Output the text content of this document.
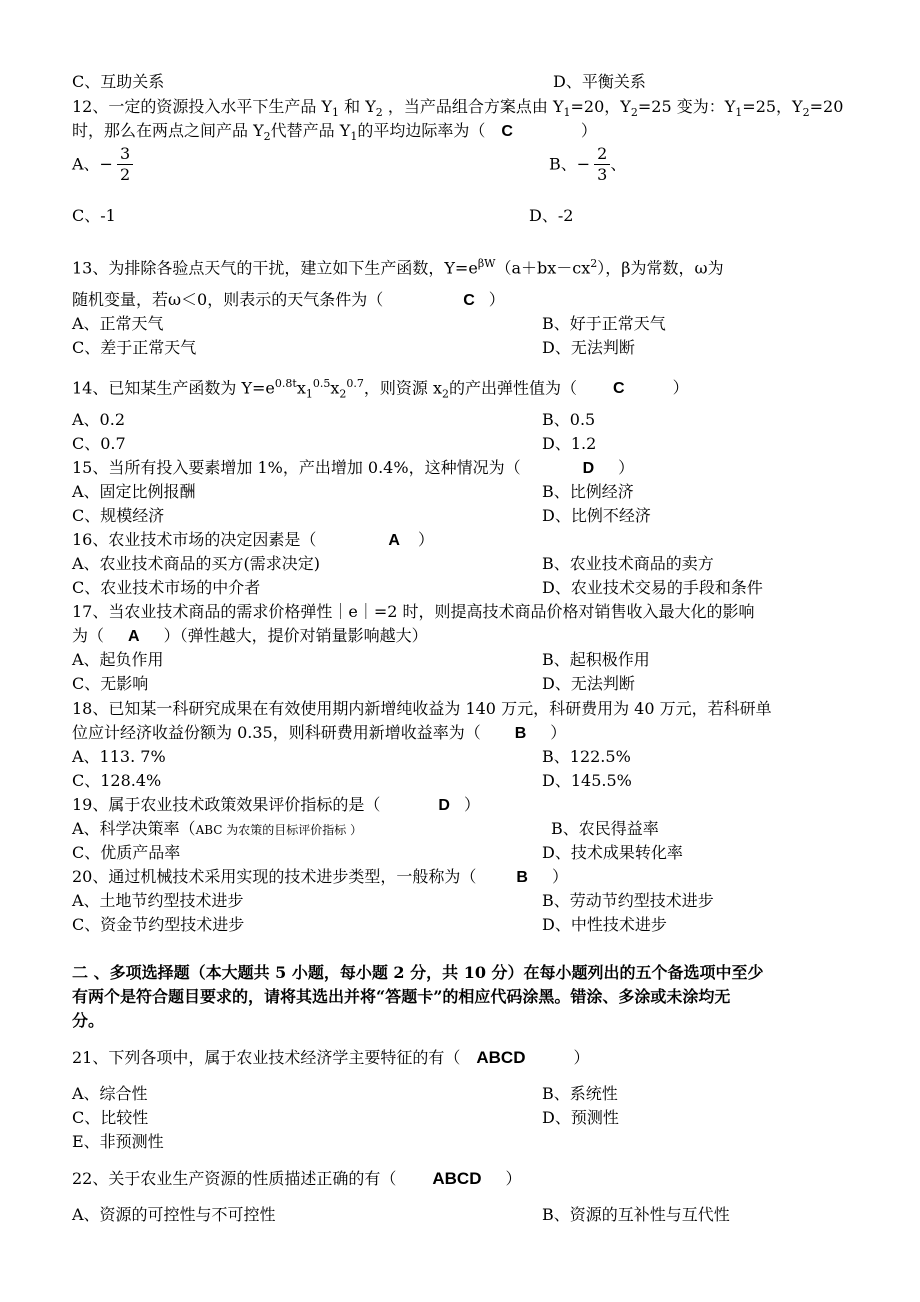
C、互助关系	D、平衡关系
12、一定的资源投入水平下生产品 $Y_1$ 和 $Y_2$ ，当产品组合方案点由 $Y_1=20$，$Y_2=25$ 变为：$Y_1=25$，$Y_2=20$
时，那么在两点之间产品 $Y_2$代替产品 $Y_1$的平均边际率为（ C	）
A、− $\frac{3}{2}$	B、− $\frac{2}{3}$ 、
C、-1	D、-2
13、为排除各验点天气的干扰，建立如下生产函数，$Y=e^{\beta W}(a+bx-cx^2)$，β为常数，ω为
随机变量，若ω＜0，则表示的天气条件为（	C ）
A、正常天气	B、好于正常天气
C、差于正常天气	D、无法判断
14、已知某生产函数为 $Y=e^{0.8t}x_1^{0.5}x_2^{0.7}$，则资源 $x_2$的产出弹性值为（ C	）
A、0.2	B、0.5
C、0.7	D、1.2
15、当所有投入要素增加 1%，产出增加 0.4%，这种情况为（	D ）
A、固定比例报酬	B、比例经济
C、规模经济	D、比例不经济
16、农业技术市场的决定因素是（	A ）
A、农业技术商品的买方(需求决定)	B、农业技术商品的卖方
C、农业技术市场的中介者	D、农业技术交易的手段和条件
17、当农业技术商品的需求价格弹性｜e｜=2 时，则提高技术商品价格对销售收入最大化的影响
为（ A ）（弹性越大，提价对销量影响越大）
A、起负作用	B、起积极作用
C、无影响	D、无法判断
18、已知某一科研究成果在有效使用期内新增纯收益为 140 万元，科研费用为 40 万元，若科研单
位应计经济收益份额为 0.35，则科研费用新增收益率为（ B ）
A、113. 7%	B、122.5%
C、128.4%	D、145.5%
19、属于农业技术政策效果评价指标的是（	D ）
A、科学决策率（ABC 为农策的目标评价指标 ）	B、农民得益率
C、优质产品率	D、技术成果转化率
20、通过机械技术采用实现的技术进步类型，一般称为（	B ）
A、土地节约型技术进步	B、劳动节约型技术进步
C、资金节约型技术进步	D、中性技术进步
二 、多项选择题（本大题共 5 小题，每小题 2 分，共 10 分）在每小题列出的五个备选项中至少
有两个是符合题目要求的，请将其选出并将“答题卡”的相应代码涂黑。错涂、多涂或未涂均无
分。
21、下列各项中，属于农业技术经济学主要特征的有（ ABCD	）
A、综合性	B、系统性
C、比较性	D、预测性
E、非预测性
22、关于农业生产资源的性质描述正确的有（ ABCD ）
A、资源的可控性与不可控性	B、资源的互补性与互代性
